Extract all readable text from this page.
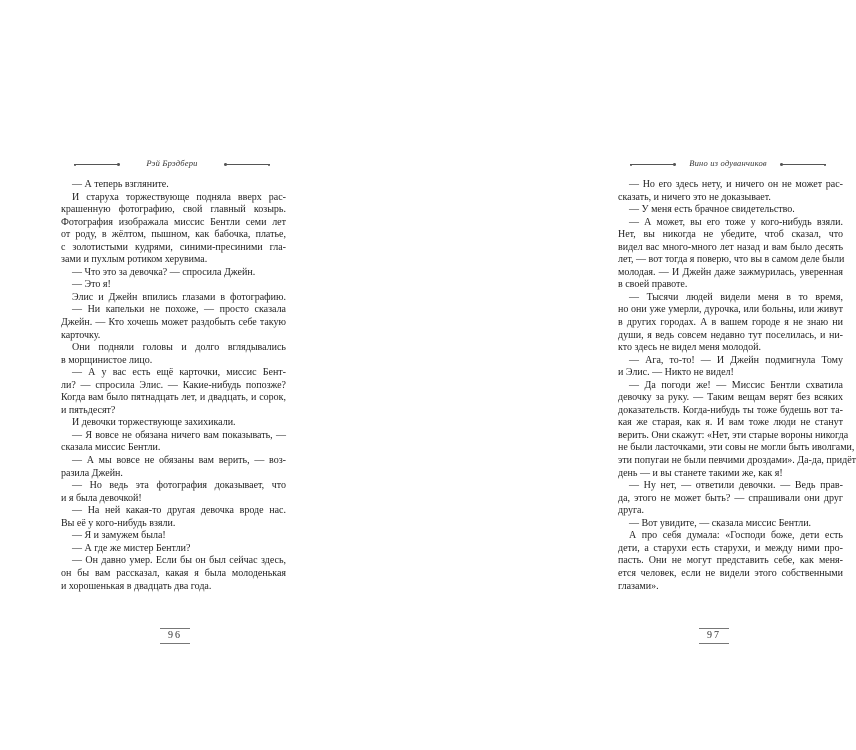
Рэй Брэдбери
— А теперь взгляните.
И старуха торжествующе подняла вверх рас-
крашенную фотографию, свой главный козырь.
Фотография изображала миссис Бентли семи лет
от роду, в жёлтом, пышном, как бабочка, платье,
с золотистыми кудрями, синими-пресиними гла-
зами и пухлым ротиком херувима.
— Что это за девочка? — спросила Джейн.
— Это я!
Элис и Джейн впились глазами в фотографию.
— Ни капельки не похоже, — просто сказала
Джейн. — Кто хочешь может раздобыть себе такую
карточку.
Они подняли головы и долго вглядывались
в морщинистое лицо.
— А у вас есть ещё карточки, миссис Бент-
ли? — спросила Элис. — Какие-нибудь попозже?
Когда вам было пятнадцать лет, и двадцать, и сорок,
и пятьдесят?
И девочки торжествующе захихикали.
— Я вовсе не обязана ничего вам показывать, —
сказала миссис Бентли.
— А мы вовсе не обязаны вам верить, — воз-
разила Джейн.
— Но ведь эта фотография доказывает, что
и я была девочкой!
— На ней какая-то другая девочка вроде нас.
Вы её у кого-нибудь взяли.
— Я и замужем была!
— А где же мистер Бентли?
— Он давно умер. Если бы он был сейчас здесь,
он бы вам рассказал, какая я была молоденькая
и хорошенькая в двадцать два года.
96
Вино из одуванчиков
— Но его здесь нету, и ничего он не может рас-
сказать, и ничего это не доказывает.
— У меня есть брачное свидетельство.
— А может, вы его тоже у кого-нибудь взяли.
Нет, вы никогда не убедите, чтоб сказал, что
видел вас много-много лет назад и вам было десять
лет, — вот тогда я поверю, что вы в самом деле были
молодая. — И Джейн даже зажмурилась, уверенная
в своей правоте.
— Тысячи людей видели меня в то время,
но они уже умерли, дурочка, или больны, или живут
в других городах. А в вашем городе я не знаю ни
души, я ведь совсем недавно тут поселилась, и ни-
кто здесь не видел меня молодой.
— Ага, то-то! — И Джейн подмигнула Тому
и Элис. — Никто не видел!
— Да погоди же! — Миссис Бентли схватила
девочку за руку. — Таким вещам верят без всяких
доказательств. Когда-нибудь ты тоже будешь вот та-
кая же старая, как я. И вам тоже люди не станут
верить. Они скажут: «Нет, эти старые вороны никогда
не были ласточками, эти совы не могли быть иволгами,
эти попугаи не были певчими дроздами». Да-да, придёт
день — и вы станете такими же, как я!
— Ну нет, — ответили девочки. — Ведь прав-
да, этого не может быть? — спрашивали они друг
друга.
— Вот увидите, — сказала миссис Бентли.
А про себя думала: «Господи боже, дети есть
дети, а старухи есть старухи, и между ними про-
пасть. Они не могут представить себе, как меня-
ется человек, если не видели этого собственными
глазами».
97
